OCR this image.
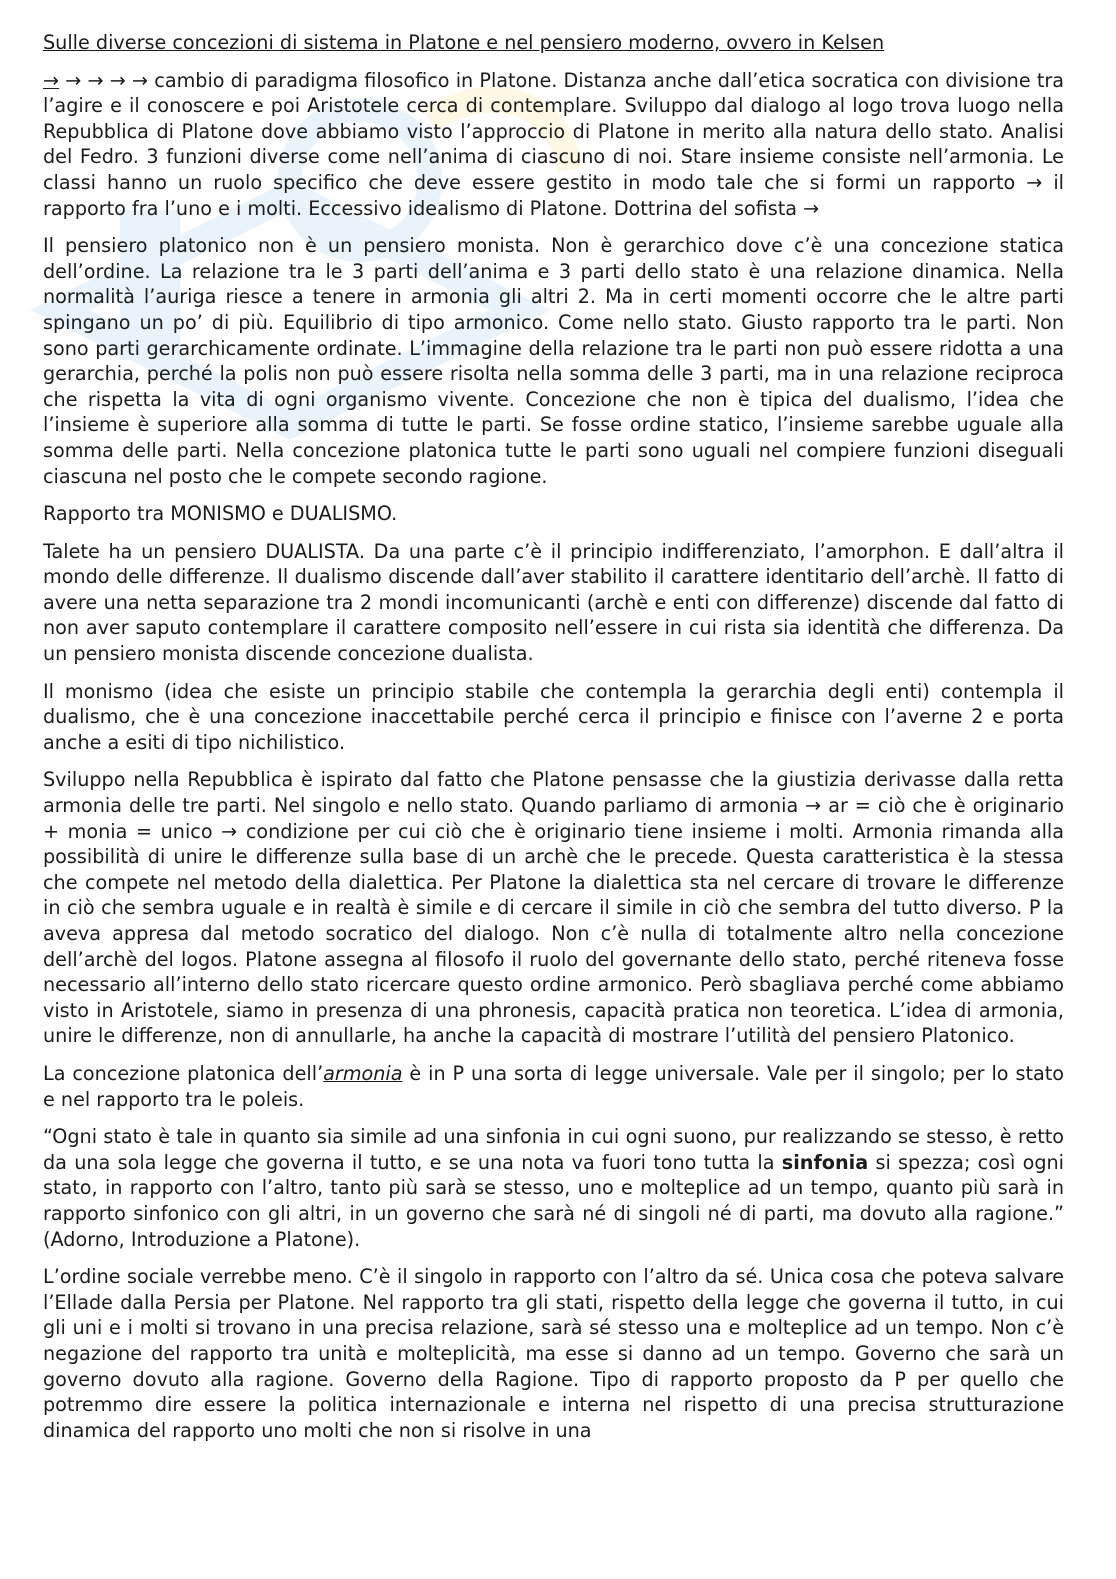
Sulle diverse concezioni di sistema in Platone e nel pensiero moderno, ovvero in Kelsen

→ → → → → cambio di paradigma filosofico in Platone. Distanza anche dall’etica socratica con divisione tra l’agire e il conoscere e poi Aristotele cerca di contemplare. Sviluppo dal dialogo al logo trova luogo nella Repubblica di Platone dove abbiamo visto l’approccio di Platone in merito alla natura dello stato. Analisi del Fedro. 3 funzioni diverse come nell’anima di ciascuno di noi. Stare insieme consiste nell’armonia. Le classi hanno un ruolo specifico che deve essere gestito in modo tale che si formi un rapporto → il rapporto fra l’uno e i molti. Eccessivo idealismo di Platone. Dottrina del sofista →

Il pensiero platonico non è un pensiero monista. Non è gerarchico dove c’è una concezione statica dell’ordine. La relazione tra le 3 parti dell’anima e 3 parti dello stato è una relazione dinamica. Nella normalità l’auriga riesce a tenere in armonia gli altri 2. Ma in certi momenti occorre che le altre parti spingano un po’ di più. Equilibrio di tipo armonico. Come nello stato. Giusto rapporto tra le parti. Non sono parti gerarchicamente ordinate. L’immagine della relazione tra le parti non può essere ridotta a una gerarchia, perché la polis non può essere risolta nella somma delle 3 parti, ma in una relazione reciproca che rispetta la vita di ogni organismo vivente. Concezione che non è tipica del dualismo, l’idea che l’insieme è superiore alla somma di tutte le parti. Se fosse ordine statico, l’insieme sarebbe uguale alla somma delle parti. Nella concezione platonica tutte le parti sono uguali nel compiere funzioni diseguali ciascuna nel posto che le compete secondo ragione.

Rapporto tra MONISMO e DUALISMO.

Talete ha un pensiero DUALISTA. Da una parte c’è il principio indifferenziato, l’amorphon. E dall’altra il mondo delle differenze. Il dualismo discende dall’aver stabilito il carattere identitario dell’archè. Il fatto di avere una netta separazione tra 2 mondi incomunicanti (archè e enti con differenze) discende dal fatto di non aver saputo contemplare il carattere composito nell’essere in cui rista sia identità che differenza. Da un pensiero monista discende concezione dualista.

Il monismo (idea che esiste un principio stabile che contempla la gerarchia degli enti) contempla il dualismo, che è una concezione inaccettabile perché cerca il principio e finisce con l’averne 2 e porta anche a esiti di tipo nichilistico.

Sviluppo nella Repubblica è ispirato dal fatto che Platone pensasse che la giustizia derivasse dalla retta armonia delle tre parti. Nel singolo e nello stato. Quando parliamo di armonia → ar = ciò che è originario + monia = unico → condizione per cui ciò che è originario tiene insieme i molti. Armonia rimanda alla possibilità di unire le differenze sulla base di un archè che le precede. Questa caratteristica è la stessa che compete nel metodo della dialettica. Per Platone la dialettica sta nel cercare di trovare le differenze in ciò che sembra uguale e in realtà è simile e di cercare il simile in ciò che sembra del tutto diverso. P la aveva appresa dal metodo socratico del dialogo. Non c’è nulla di totalmente altro nella concezione dell’archè del logos. Platone assegna al filosofo il ruolo del governante dello stato, perché riteneva fosse necessario all’interno dello stato ricercare questo ordine armonico. Però sbagliava perché come abbiamo visto in Aristotele, siamo in presenza di una phronesis, capacità pratica non teoretica. L’idea di armonia, unire le differenze, non di annullarle, ha anche la capacità di mostrare l’utilità del pensiero Platonico.

La concezione platonica dell’armonia è in P una sorta di legge universale. Vale per il singolo; per lo stato e nel rapporto tra le poleis.

“Ogni stato è tale in quanto sia simile ad una sinfonia in cui ogni suono, pur realizzando se stesso, è retto da una sola legge che governa il tutto, e se una nota va fuori tono tutta la sinfonia si spezza; così ogni stato, in rapporto con l’altro, tanto più sarà se stesso, uno e molteplice ad un tempo, quanto più sarà in rapporto sinfonico con gli altri, in un governo che sarà né di singoli né di parti, ma dovuto alla ragione.” (Adorno, Introduzione a Platone).

L’ordine sociale verrebbe meno. C’è il singolo in rapporto con l’altro da sé. Unica cosa che poteva salvare l’Ellade dalla Persia per Platone. Nel rapporto tra gli stati, rispetto della legge che governa il tutto, in cui gli uni e i molti si trovano in una precisa relazione, sarà sé stesso una e molteplice ad un tempo. Non c’è negazione del rapporto tra unità e molteplicità, ma esse si danno ad un tempo. Governo che sarà un governo dovuto alla ragione. Governo della Ragione. Tipo di rapporto proposto da P per quello che potremmo dire essere la politica internazionale e interna nel rispetto di una precisa strutturazione dinamica del rapporto uno molti che non si risolve in una
